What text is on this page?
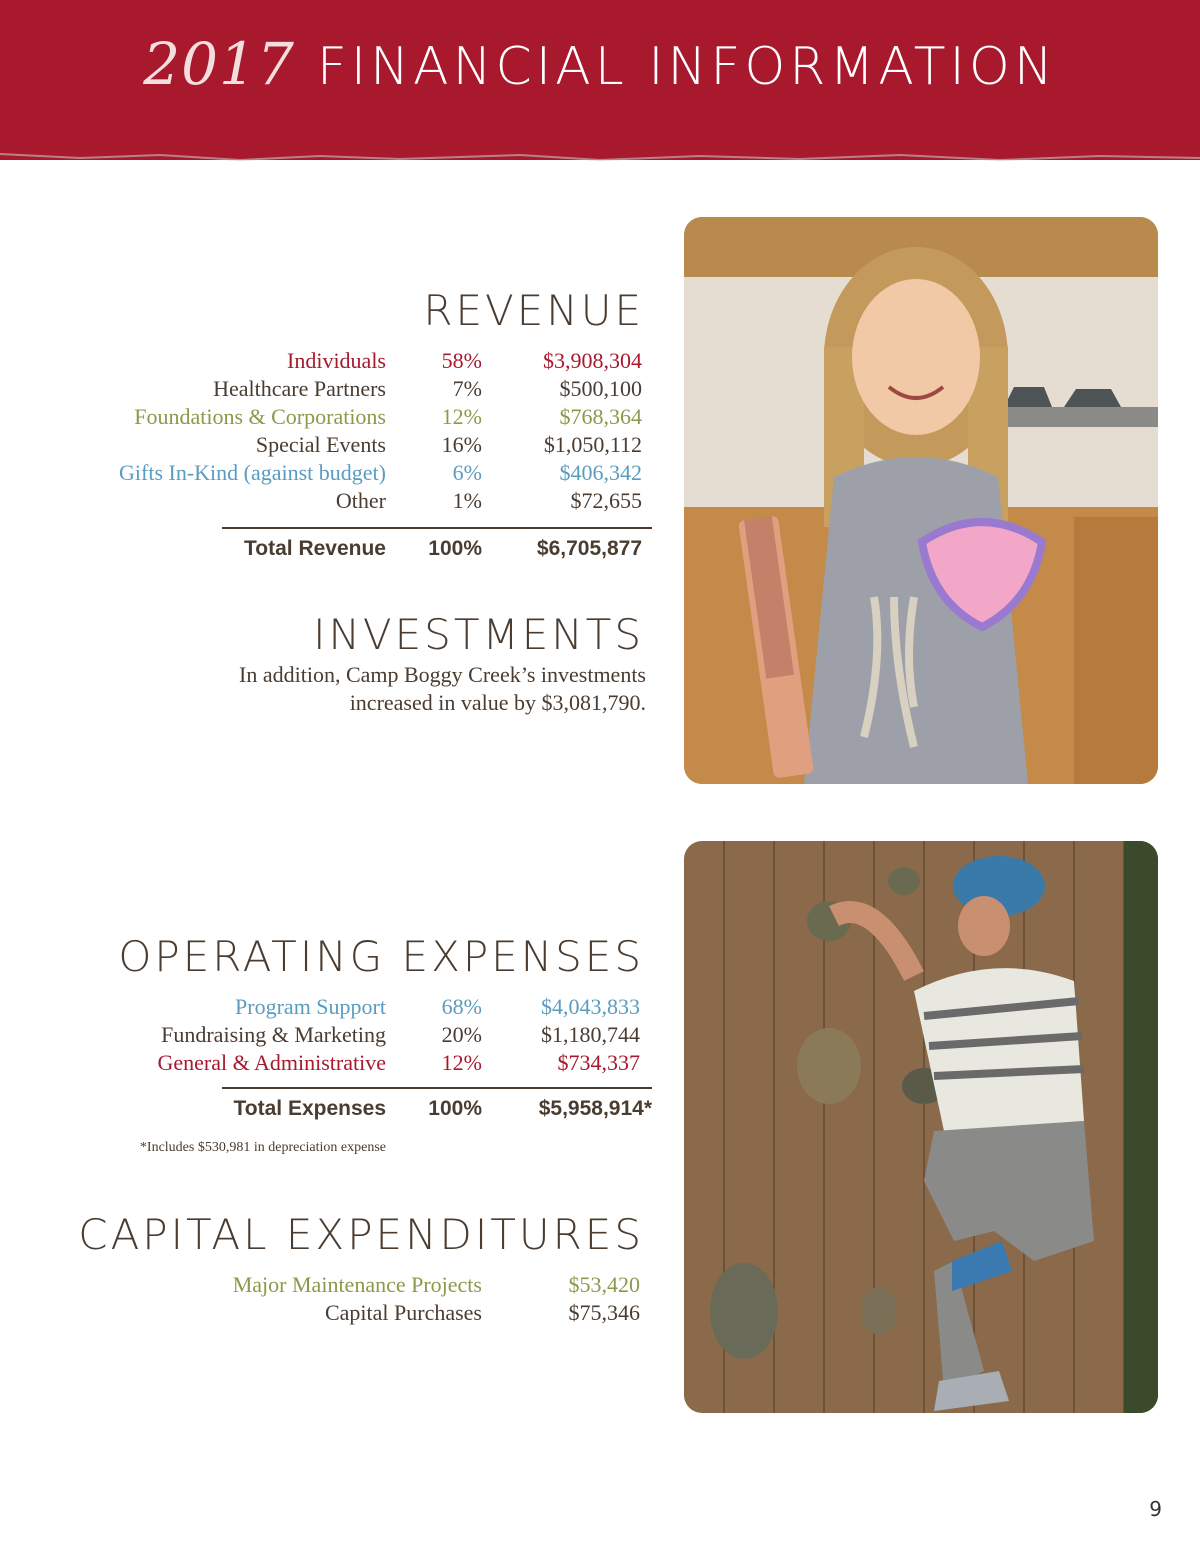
2017 FINANCIAL INFORMATION
REVENUE
Individuals	58%	$3,908,304
Healthcare Partners	7%	$500,100
Foundations & Corporations	12%	$768,364
Special Events	16%	$1,050,112
Gifts In-Kind (against budget)	6%	$406,342
Other	1%	$72,655
Total Revenue 100%	$6,705,877
INVESTMENTS
In addition, Camp Boggy Creek’s investments
increased in value by $3,081,790.
OPERATING EXPENSES
Program Support	68%	$4,043,833
Fundraising & Marketing	20%	$1,180,744
General & Administrative	12%	$734,337
Total Expenses 100%	$5,958,914*
*Includes $530,981 in depreciation expense
CAPITAL EXPENDITURES
Major Maintenance Projects	$53,420
Capital Purchases	$75,346
9
